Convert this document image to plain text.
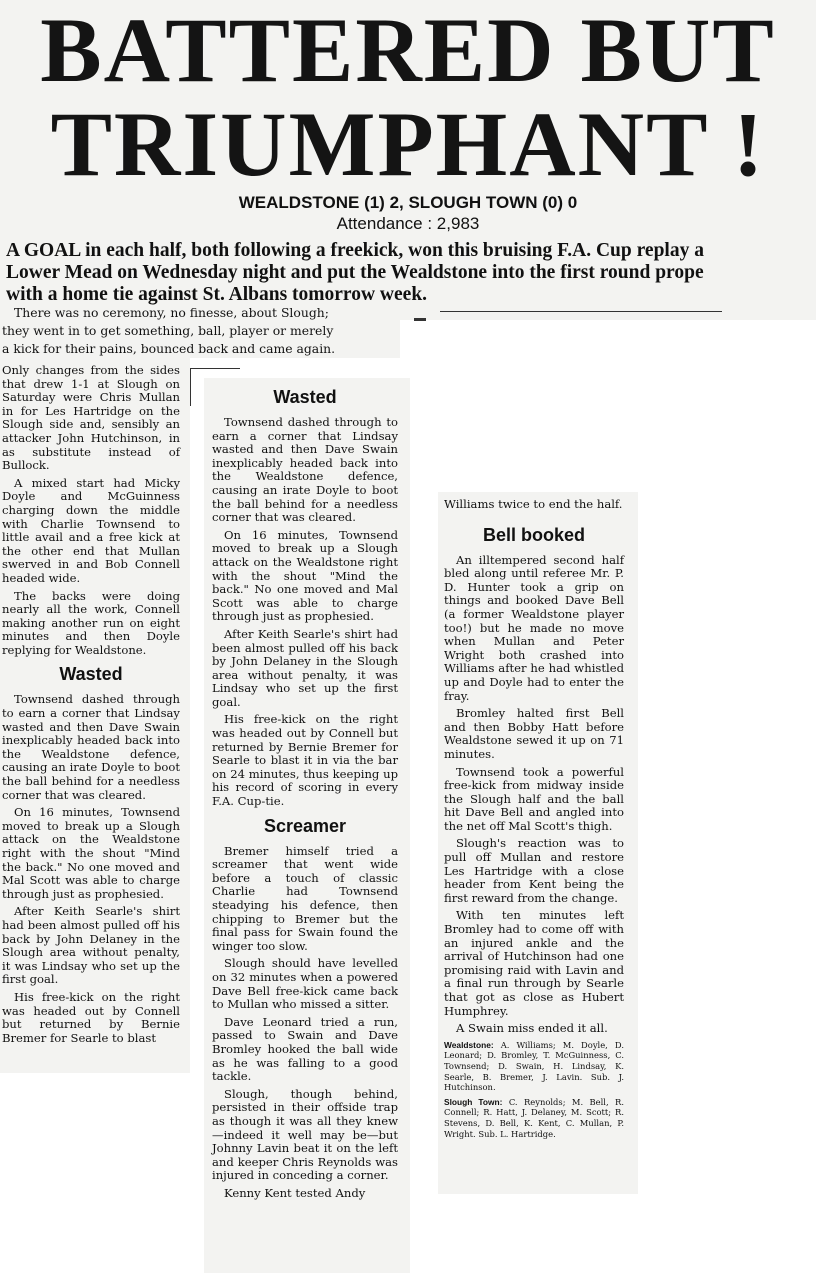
BATTERED BUT
TRIUMPHANT !
WEALDSTONE (1) 2, SLOUGH TOWN (0) 0
Attendance : 2,983
A GOAL in each half, both following a freekick, won this bruising F.A. Cup replay a
Lower Mead on Wednesday night and put the Wealdstone into the first round prope
with a home tie against St. Albans tomorrow week.
There was no ceremony, no finesse, about Slough;
they went in to get something, ball, player or merely
a kick for their pains, bounced back and came again.

Only changes from the sides that drew 1-1 at Slough on Saturday were Chris Mullan in for Les Hartridge on the Slough side and, sensibly an attacker John Hutchinson, in as substitute instead of Bullock.

A mixed start had Micky Doyle and McGuinness charging down the middle with Charlie Townsend to little avail and a free kick at the other end that Mullan swerved in and Bob Connell headed wide.

The backs were doing nearly all the work, Connell making another run on eight minutes and then Doyle replying for Wealdstone.

Wasted

Townsend dashed through to earn a corner that Lindsay wasted and then Dave Swain inexplicably headed back into the Wealdstone defence, causing an irate Doyle to boot the ball behind for a needless corner that was cleared.

On 16 minutes, Townsend moved to break up a Slough attack on the Wealdstone right with the shout "Mind the back." No one moved and Mal Scott was able to charge through just as prophesied.

After Keith Searle's shirt had been almost pulled off his back by John Delaney in the Slough area without penalty, it was Lindsay who set up the first goal.

His free-kick on the right was headed out by Connell but returned by Bernie Bremer for Searle to blast

Wasted

Townsend dashed through to earn a corner that Lindsay wasted and then Dave Swain inexplicably headed back into the Wealdstone defence, causing an irate Doyle to boot the ball behind for a needless corner that was cleared.

On 16 minutes, Townsend moved to break up a Slough attack on the Wealdstone right with the shout "Mind the back." No one moved and Mal Scott was able to charge through just as prophesied.

After Keith Searle's shirt had been almost pulled off his back by John Delaney in the Slough area without penalty, it was Lindsay who set up the first goal.

His free-kick on the right was headed out by Connell but returned by Bernie Bremer for Searle to blast it in via the bar on 24 minutes, thus keeping up his record of scoring in every F.A. Cup-tie.

Screamer

Bremer himself tried a screamer that went wide before a touch of classic Charlie had Townsend steadying his defence, then chipping to Bremer but the final pass for Swain found the winger too slow.

Slough should have levelled on 32 minutes when a powered Dave Bell free-kick came back to Mullan who missed a sitter.

Dave Leonard tried a run, passed to Swain and Dave Bromley hooked the ball wide as he was falling to a good tackle.

Slough, though behind, persisted in their offside trap as though it was all they knew—indeed it well may be—but Johnny Lavin beat it on the left and keeper Chris Reynolds was injured in conceding a corner.

Kenny Kent tested Andy

Williams twice to end the half.

Bell booked

An illtempered second half bled along until referee Mr. P. D. Hunter took a grip on things and booked Dave Bell (a former Wealdstone player too!) but he made no move when Mullan and Peter Wright both crashed into Williams after he had whistled up and Doyle had to enter the fray.

Bromley halted first Bell and then Bobby Hatt before Wealdstone sewed it up on 71 minutes.

Townsend took a powerful free-kick from midway inside the Slough half and the ball hit Dave Bell and angled into the net off Mal Scott's thigh.

Slough's reaction was to pull off Mullan and restore Les Hartridge with a close header from Kent being the first reward from the change.

With ten minutes left Bromley had to come off with an injured ankle and the arrival of Hutchinson had one promising raid with Lavin and a final run through by Searle that got as close as Hubert Humphrey.

A Swain miss ended it all.

Wealdstone: A. Williams; M. Doyle, D. Leonard; D. Bromley, T. McGuinness, C. Townsend; D. Swain, H. Lindsay, K. Searle, B. Bremer, J. Lavin. Sub. J. Hutchinson.

Slough Town: C. Reynolds; M. Bell, R. Connell; R. Hatt, J. Delaney, M. Scott; R. Stevens, D. Bell, K. Kent, C. Mullan, P. Wright. Sub. L. Hartridge.
